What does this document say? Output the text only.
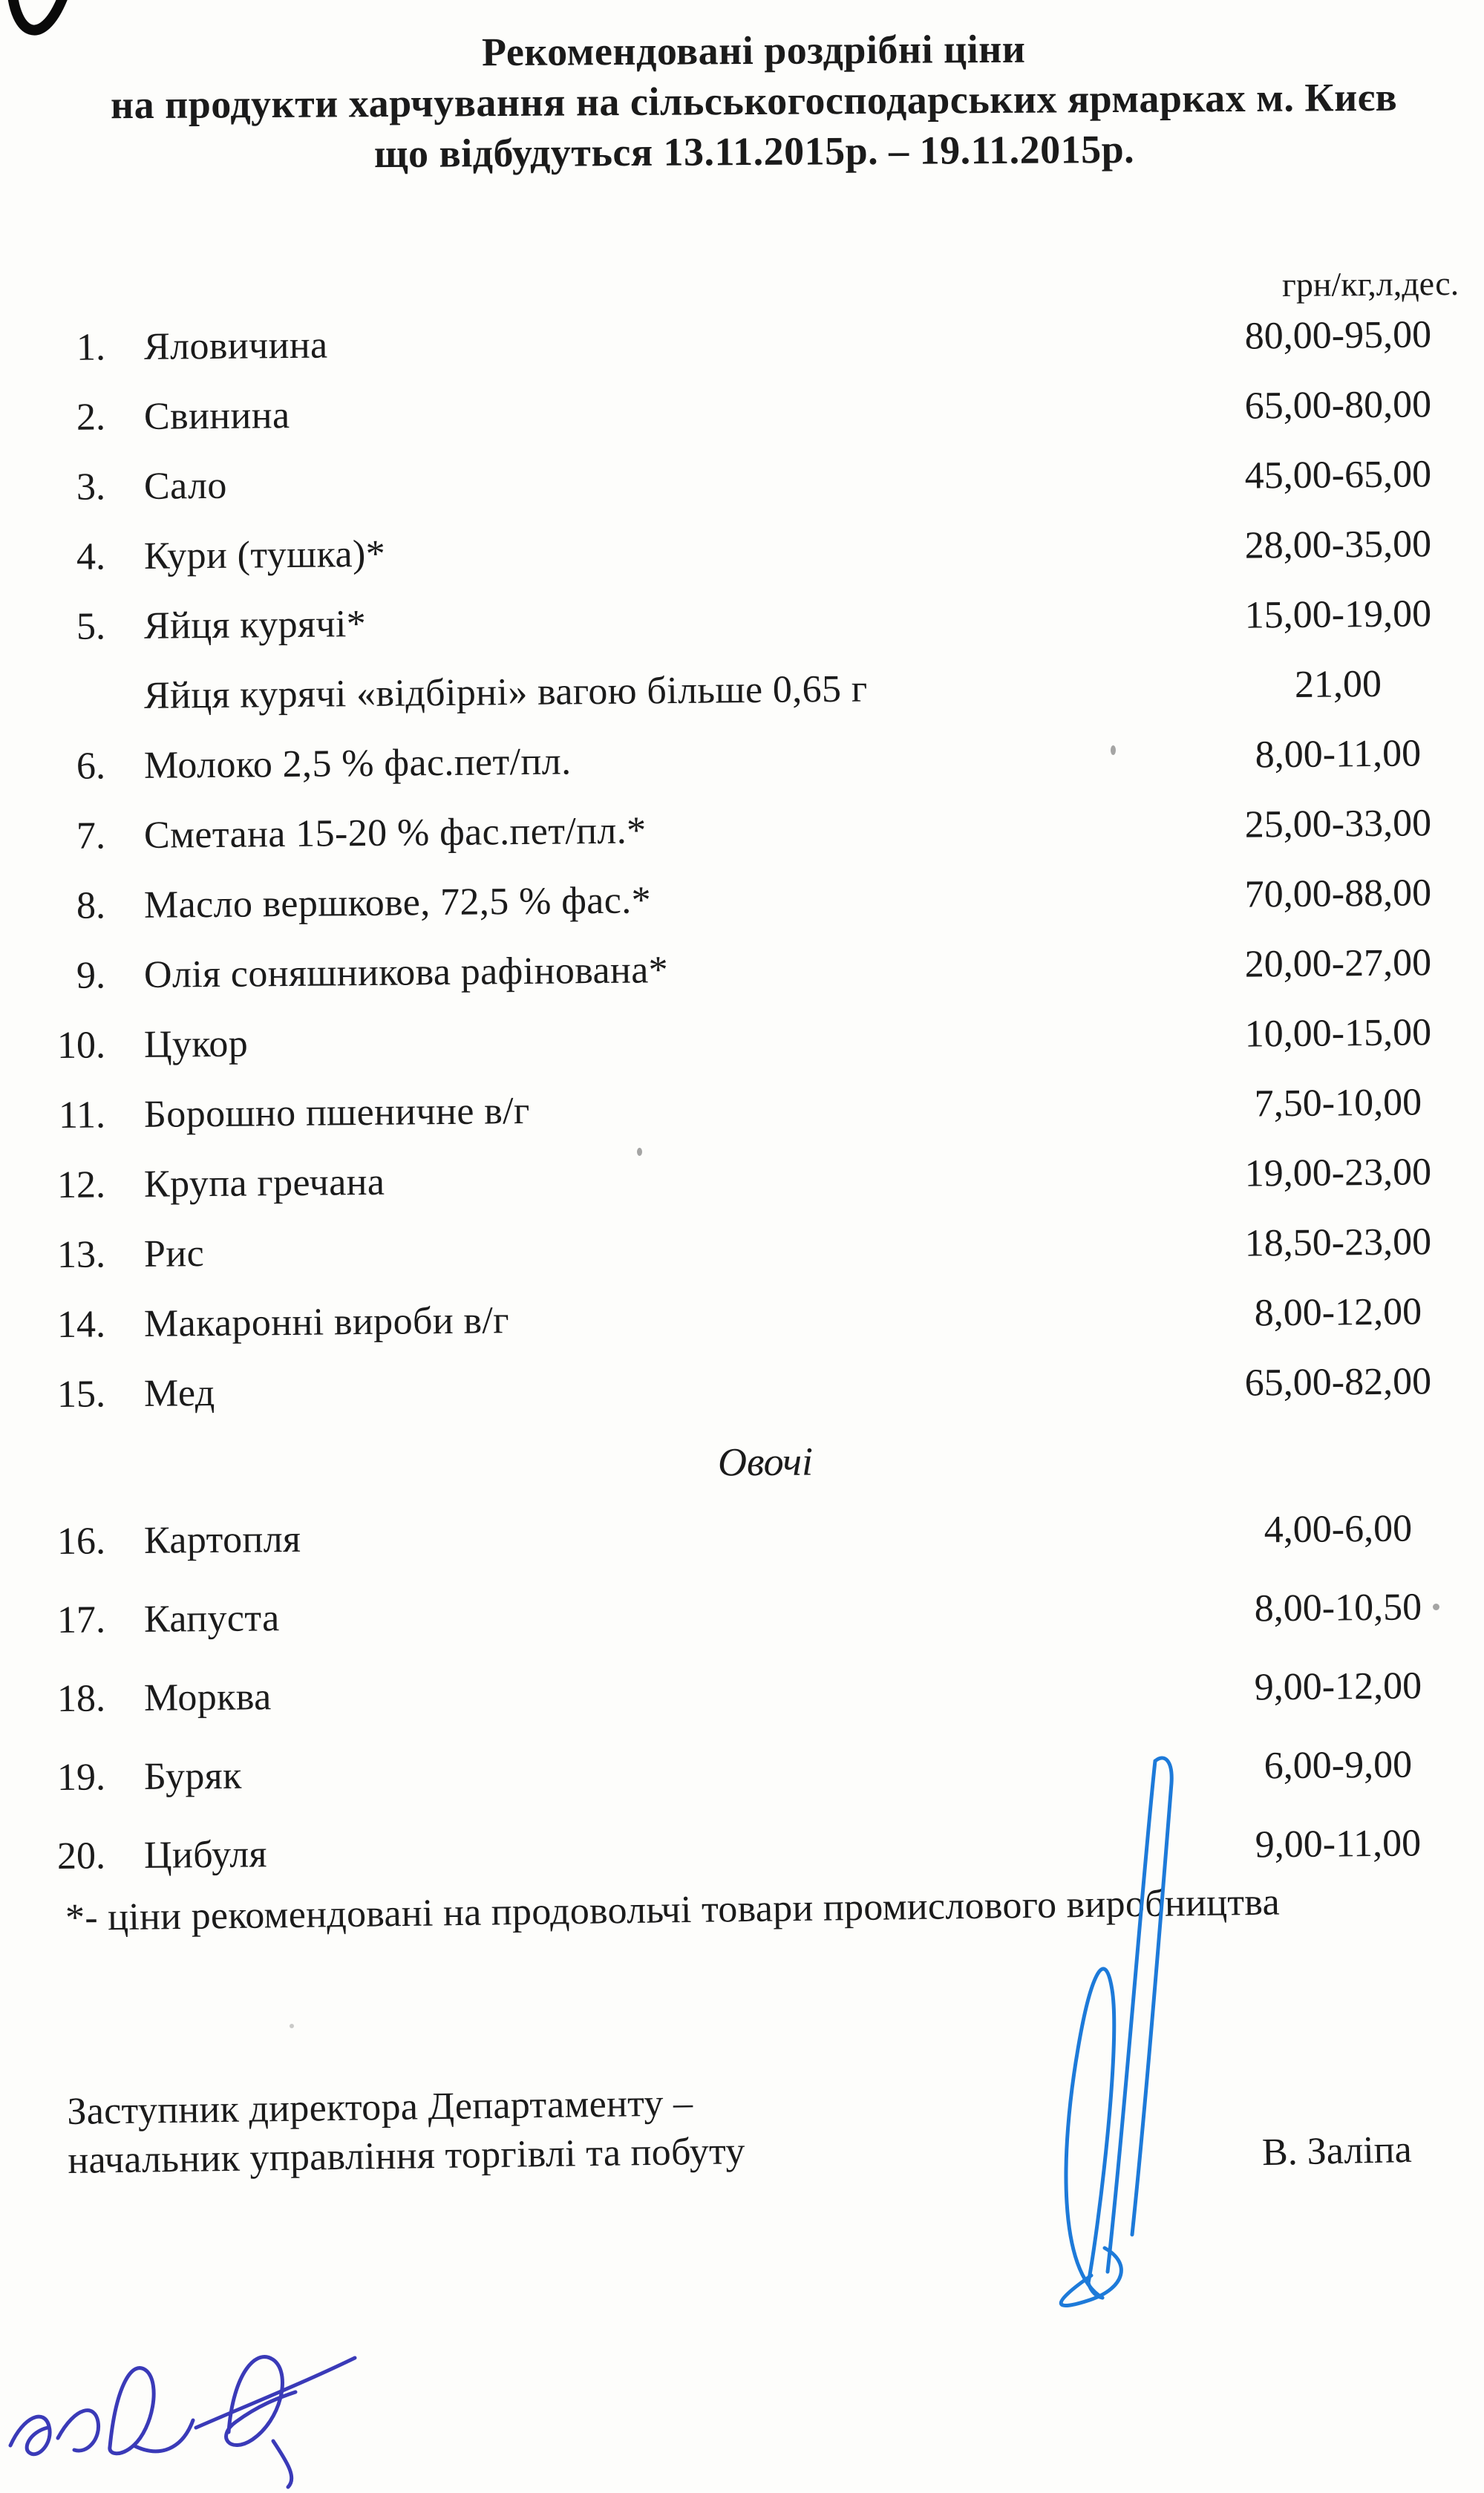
Рекомендовані роздрібні ціни
на продукти харчування на сільськогосподарських ярмарках м. Києв
що відбудуться 13.11.2015р. – 19.11.2015р.
грн/кг,л,дес.
1. Яловичина	80,00-95,00
2. Свинина	65,00-80,00
3. Сало	45,00-65,00
4. Кури (тушка)*	28,00-35,00
5. Яйця курячі*	15,00-19,00
Яйця курячі «відбірні» вагою більше 0,65 г	21,00
6. Молоко 2,5 % фас.пет/пл.	8,00-11,00
7. Сметана 15-20 % фас.пет/пл.*	25,00-33,00
8. Масло вершкове, 72,5 % фас.*	70,00-88,00
9. Олія соняшникова рафінована*	20,00-27,00
10. Цукор	10,00-15,00
11. Борошно пшеничне в/г	7,50-10,00
12. Крупа гречана	19,00-23,00
13. Рис	18,50-23,00
14. Макаронні вироби в/г	8,00-12,00
15. Мед	65,00-82,00
Овочі
16. Картопля	4,00-6,00
17. Капуста	8,00-10,50
18. Морква	9,00-12,00
19. Буряк	6,00-9,00
20. Цибуля	9,00-11,00
*- ціни рекомендовані на продовольчі товари промислового виробництва
Заступник директора Департаменту –
начальник управління торгівлі та побуту	В. Заліпа
